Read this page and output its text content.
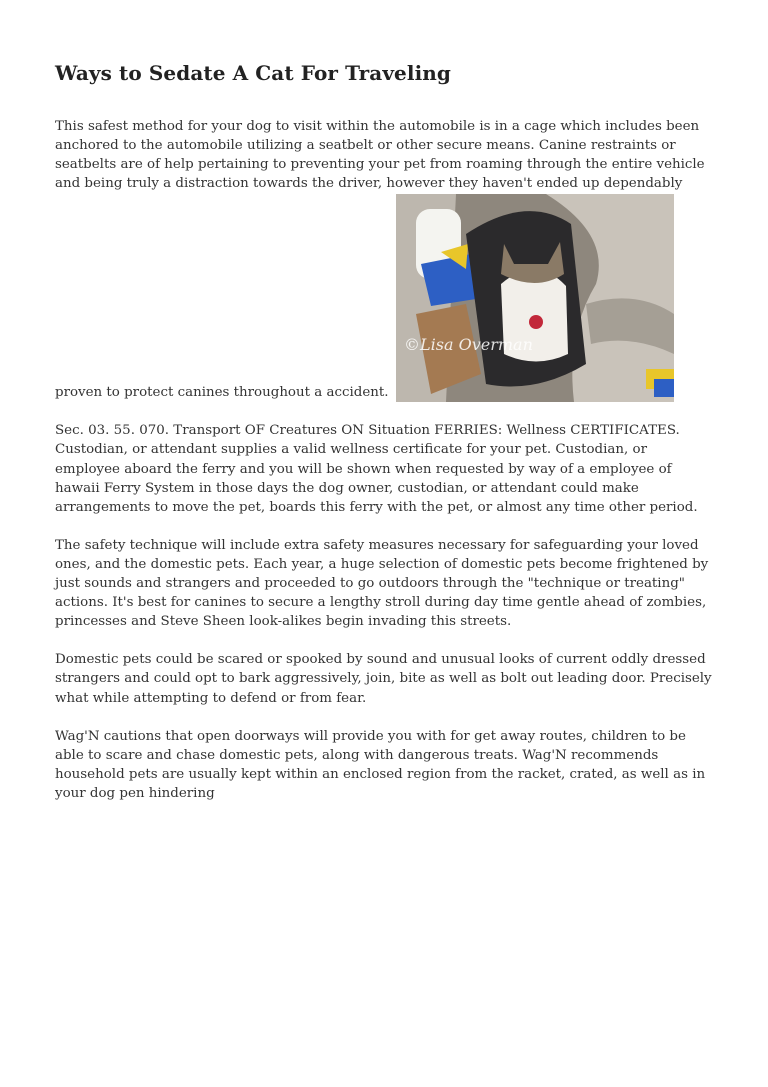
Ways to Sedate A Cat For Traveling

This safest method for your dog to visit within the automobile is in a cage which includes been anchored to the automobile utilizing a seatbelt or other secure means. Canine restraints or seatbelts are of help pertaining to preventing your pet from roaming through the entire vehicle and being truly a distraction towards the driver, however they haven't ended up dependably proven to protect canines throughout a accident.
©Lisa Overman

Sec. 03. 55. 070. Transport OF Creatures ON Situation FERRIES: Wellness CERTIFICATES. Custodian, or attendant supplies a valid wellness certificate for your pet. Custodian, or employee aboard the ferry and you will be shown when requested by way of a employee of hawaii Ferry System in those days the dog owner, custodian, or attendant could make arrangements to move the pet, boards this ferry with the pet, or almost any time other period.

The safety technique will include extra safety measures necessary for safeguarding your loved ones, and the domestic pets. Each year, a huge selection of domestic pets become frightened by just sounds and strangers and proceeded to go outdoors through the "technique or treating" actions. It's best for canines to secure a lengthy stroll during day time gentle ahead of zombies, princesses and Steve Sheen look-alikes begin invading this streets.

Domestic pets could be scared or spooked by sound and unusual looks of current oddly dressed strangers and could opt to bark aggressively, join, bite as well as bolt out leading door. Precisely what while attempting to defend or from fear.

Wag'N cautions that open doorways will provide you with for get away routes, children to be able to scare and chase domestic pets, along with dangerous treats. Wag'N recommends household pets are usually kept within an enclosed region from the racket, crated, as well as in your dog pen hindering
